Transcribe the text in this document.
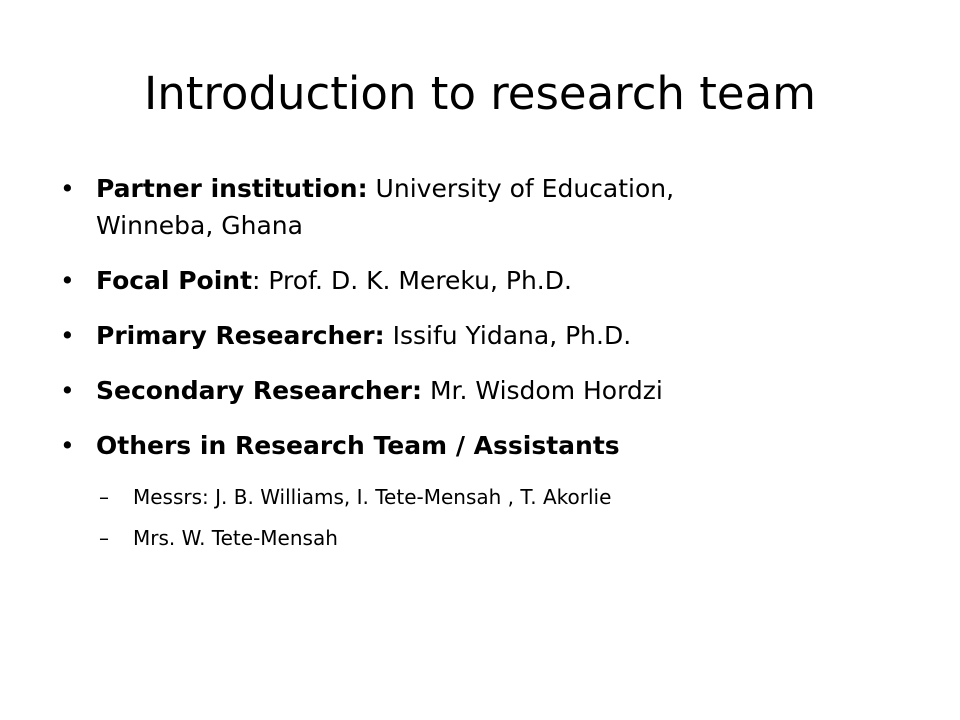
Introduction to research team
• Partner institution: University of Education,
Winneba, Ghana
• Focal Point: Prof. D. K. Mereku, Ph.D.
• Primary Researcher: Issifu Yidana, Ph.D.
• Secondary Researcher: Mr. Wisdom Hordzi
• Others in Research Team / Assistants
–	Messrs: J. B. Williams, I. Tete-Mensah , T. Akorlie
–	Mrs. W. Tete-Mensah
